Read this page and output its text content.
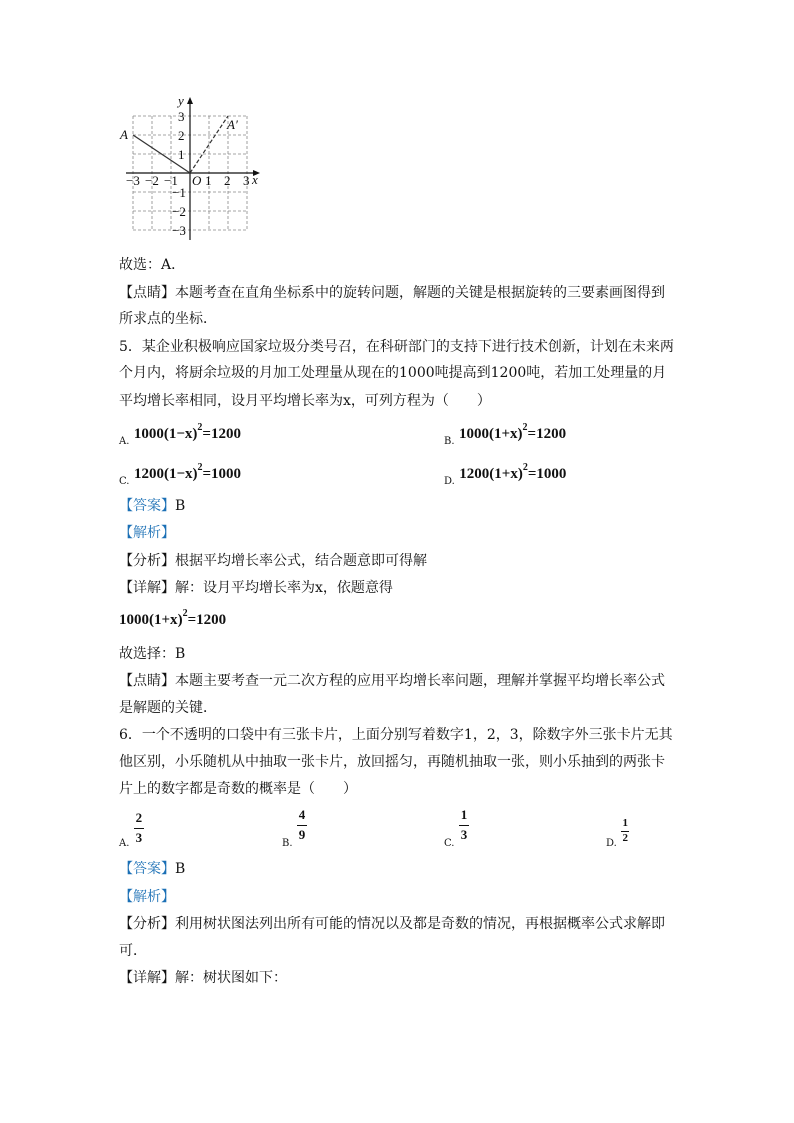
y
x
O
A
A′
3
2
1
−1
−2
−3
−3 −2 −1 1 2 3
故选：A．
【点睛】本题考查在直角坐标系中的旋转问题，解题的关键是根据旋转的三要素画图得到
所求点的坐标．
5．某企业积极响应国家垃圾分类号召，在科研部门的支持下进行技术创新，计划在未来两
个月内，将厨余垃圾的月加工处理量从现在的1000吨提高到1200吨，若加工处理量的月
平均增长率相同，设月平均增长率为x，可列方程为（　　）
$_{A.}$ $1000(1-x)^2=1200$	$_{B.}$ $1000(1+x)^2=1200$
$_{C.}$ $1200(1-x)^2=1000$	$_{D.}$ $1200(1+x)^2=1000$
【答案】B
【解析】
【分析】根据平均增长率公式，结合题意即可得解
【详解】解：设月平均增长率为x，依题意得
$1000(1+x)^2=1200$
故选择：B
【点睛】本题主要考查一元二次方程的应用平均增长率问题，理解并掌握平均增长率公式
是解题的关键．
6．一个不透明的口袋中有三张卡片，上面分别写着数字1，2，3，除数字外三张卡片无其
他区别，小乐随机从中抽取一张卡片，放回摇匀，再随机抽取一张，则小乐抽到的两张卡
片上的数字都是奇数的概率是（　　）
$_{A.} \frac{2}{3}$	$_{B.}$
$\frac{4}{9}$
$_{C.}$
$\frac{1}{3}$
$_{D.} \frac{1}{2}$
【答案】B
【解析】
【分析】利用树状图法列出所有可能的情况以及都是奇数的情况，再根据概率公式求解即
可．
【详解】解：树状图如下：
